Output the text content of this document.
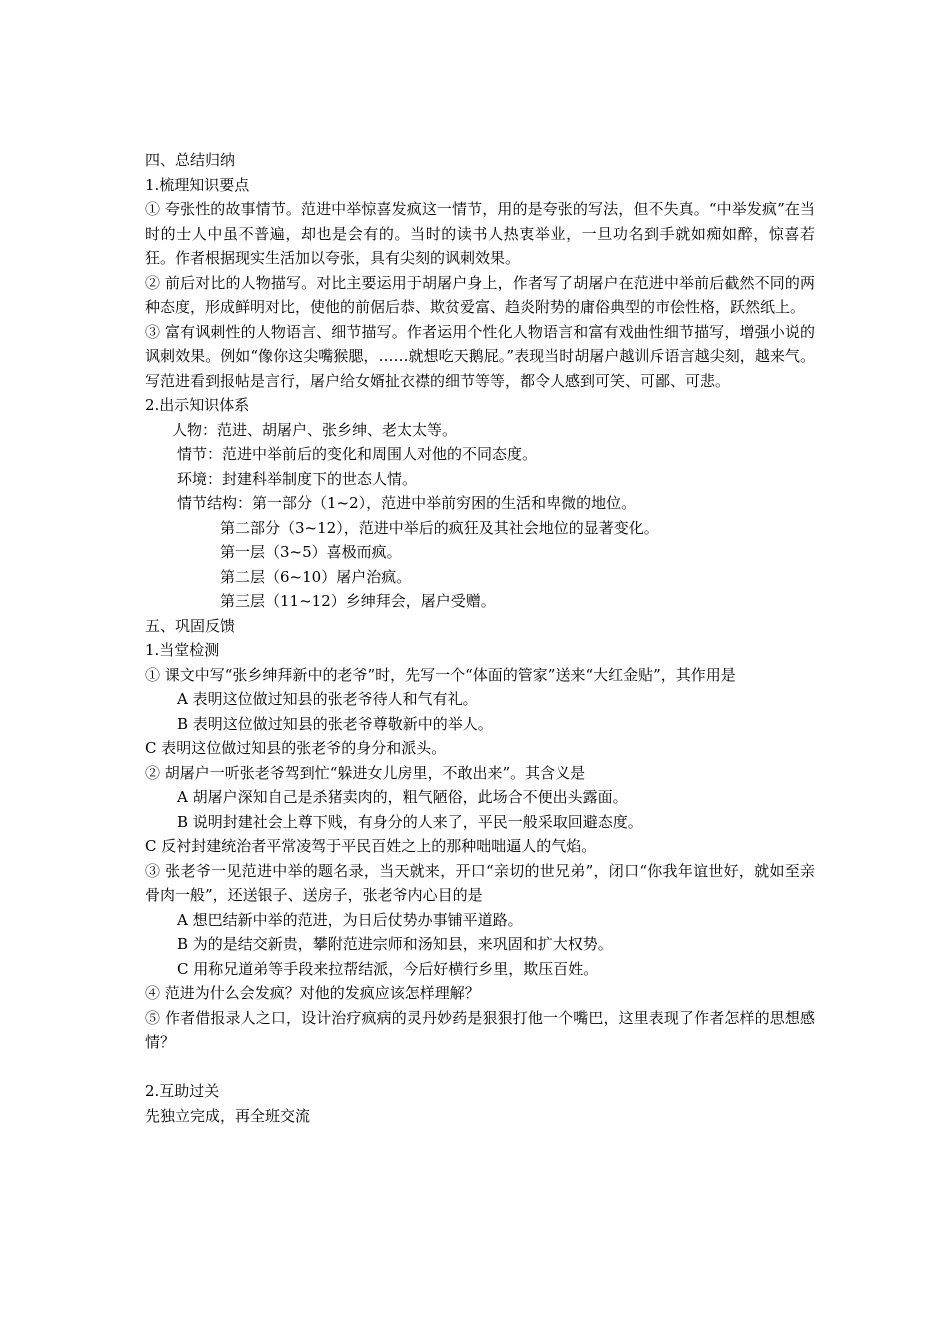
四、总结归纳
1.梳理知识要点
① 夸张性的故事情节。范进中举惊喜发疯这一情节，用的是夸张的写法，但不失真。“中举发疯”在当时的士人中虽不普遍，却也是会有的。当时的读书人热衷举业，一旦功名到手就如痴如醉，惊喜若狂。作者根据现实生活加以夸张，具有尖刻的讽刺效果。
② 前后对比的人物描写。对比主要运用于胡屠户身上，作者写了胡屠户在范进中举前后截然不同的两种态度，形成鲜明对比，使他的前倨后恭、欺贫爱富、趋炎附势的庸俗典型的市侩性格，跃然纸上。
③ 富有讽刺性的人物语言、细节描写。作者运用个性化人物语言和富有戏曲性细节描写，增强小说的讽刺效果。例如“像你这尖嘴猴腮，……就想吃天鹅屁。”表现当时胡屠户越训斥语言越尖刻，越来气。写范进看到报帖是言行，屠户给女婿扯衣襟的细节等等，都令人感到可笑、可鄙、可悲。
2.出示知识体系
人物：范进、胡屠户、张乡绅、老太太等。
情节：范进中举前后的变化和周围人对他的不同态度。
环境：封建科举制度下的世态人情。
情节结构：第一部分（1~2），范进中举前穷困的生活和卑微的地位。
第二部分（3~12），范进中举后的疯狂及其社会地位的显著变化。
第一层（3~5）喜极而疯。
第二层（6~10）屠户治疯。
第三层（11~12）乡绅拜会，屠户受赠。
五、巩固反馈
1.当堂检测
① 课文中写“张乡绅拜新中的老爷”时，先写一个“体面的管家”送来“大红金贴”，其作用是
A 表明这位做过知县的张老爷待人和气有礼。
B 表明这位做过知县的张老爷尊敬新中的举人。
C 表明这位做过知县的张老爷的身分和派头。
② 胡屠户一听张老爷驾到忙“躲进女儿房里，不敢出来”。其含义是
A 胡屠户深知自己是杀猪卖肉的，粗气陋俗，此场合不便出头露面。
B 说明封建社会上尊下贱，有身分的人来了，平民一般采取回避态度。
C 反衬封建统治者平常凌驾于平民百姓之上的那种咄咄逼人的气焰。
③ 张老爷一见范进中举的题名录，当天就来，开口“亲切的世兄弟”，闭口“你我年谊世好，就如至亲骨肉一般”，还送银子、送房子，张老爷内心目的是
A 想巴结新中举的范进，为日后仗势办事铺平道路。
B 为的是结交新贵，攀附范进宗师和汤知县，来巩固和扩大权势。
C 用称兄道弟等手段来拉帮结派，今后好横行乡里，欺压百姓。
④ 范进为什么会发疯？对他的发疯应该怎样理解？
⑤ 作者借报录人之口，设计治疗疯病的灵丹妙药是狠狠打他一个嘴巴，这里表现了作者怎样的思想感情？
2.互助过关
先独立完成，再全班交流
